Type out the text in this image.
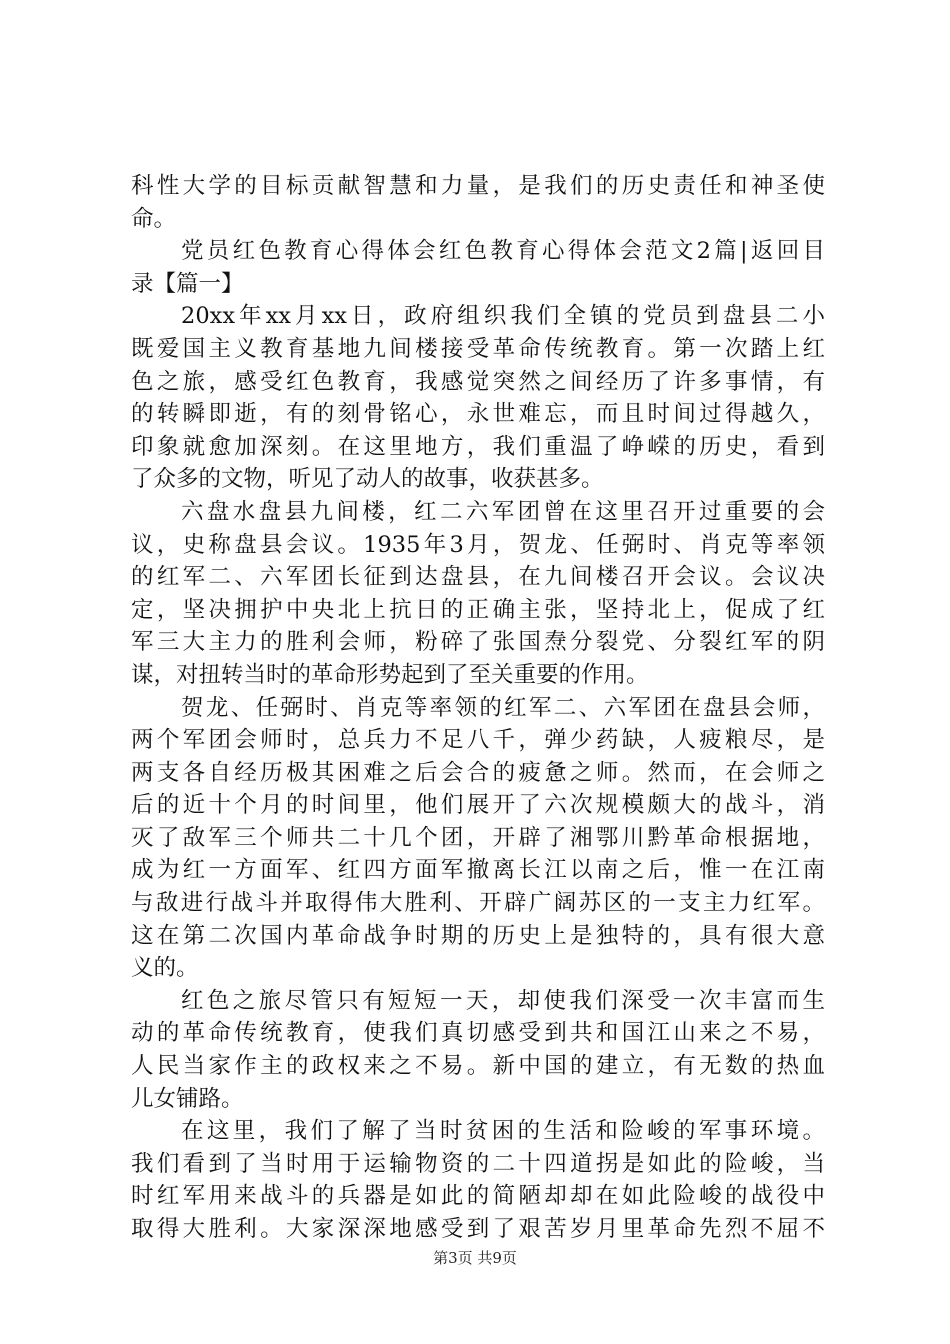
科性大学的目标贡献智慧和力量，是我们的历史责任和神圣使
命。
党员红色教育心得体会红色教育心得体会范文2篇|返回目
录【篇一】
20xx年xx月xx日，政府组织我们全镇的党员到盘县二小
既爱国主义教育基地九间楼接受革命传统教育。第一次踏上红
色之旅，感受红色教育，我感觉突然之间经历了许多事情，有
的转瞬即逝，有的刻骨铭心，永世难忘，而且时间过得越久，
印象就愈加深刻。在这里地方，我们重温了峥嵘的历史，看到
了众多的文物，听见了动人的故事，收获甚多。
六盘水盘县九间楼，红二六军团曾在这里召开过重要的会
议，史称盘县会议。1935年3月，贺龙、任弼时、肖克等率领
的红军二、六军团长征到达盘县，在九间楼召开会议。会议决
定，坚决拥护中央北上抗日的正确主张，坚持北上，促成了红
军三大主力的胜利会师，粉碎了张国焘分裂党、分裂红军的阴
谋，对扭转当时的革命形势起到了至关重要的作用。
贺龙、任弼时、肖克等率领的红军二、六军团在盘县会师，
两个军团会师时，总兵力不足八千，弹少药缺，人疲粮尽，是
两支各自经历极其困难之后会合的疲惫之师。然而，在会师之
后的近十个月的时间里，他们展开了六次规模颇大的战斗，消
灭了敌军三个师共二十几个团，开辟了湘鄂川黔革命根据地，
成为红一方面军、红四方面军撤离长江以南之后，惟一在江南
与敌进行战斗并取得伟大胜利、开辟广阔苏区的一支主力红军。
这在第二次国内革命战争时期的历史上是独特的，具有很大意
义的。
红色之旅尽管只有短短一天，却使我们深受一次丰富而生
动的革命传统教育，使我们真切感受到共和国江山来之不易，
人民当家作主的政权来之不易。新中国的建立，有无数的热血
儿女铺路。
在这里，我们了解了当时贫困的生活和险峻的军事环境。
我们看到了当时用于运输物资的二十四道拐是如此的险峻，当
时红军用来战斗的兵器是如此的简陋却却在如此险峻的战役中
取得大胜利。大家深深地感受到了艰苦岁月里革命先烈不屈不
第3页 共9页
